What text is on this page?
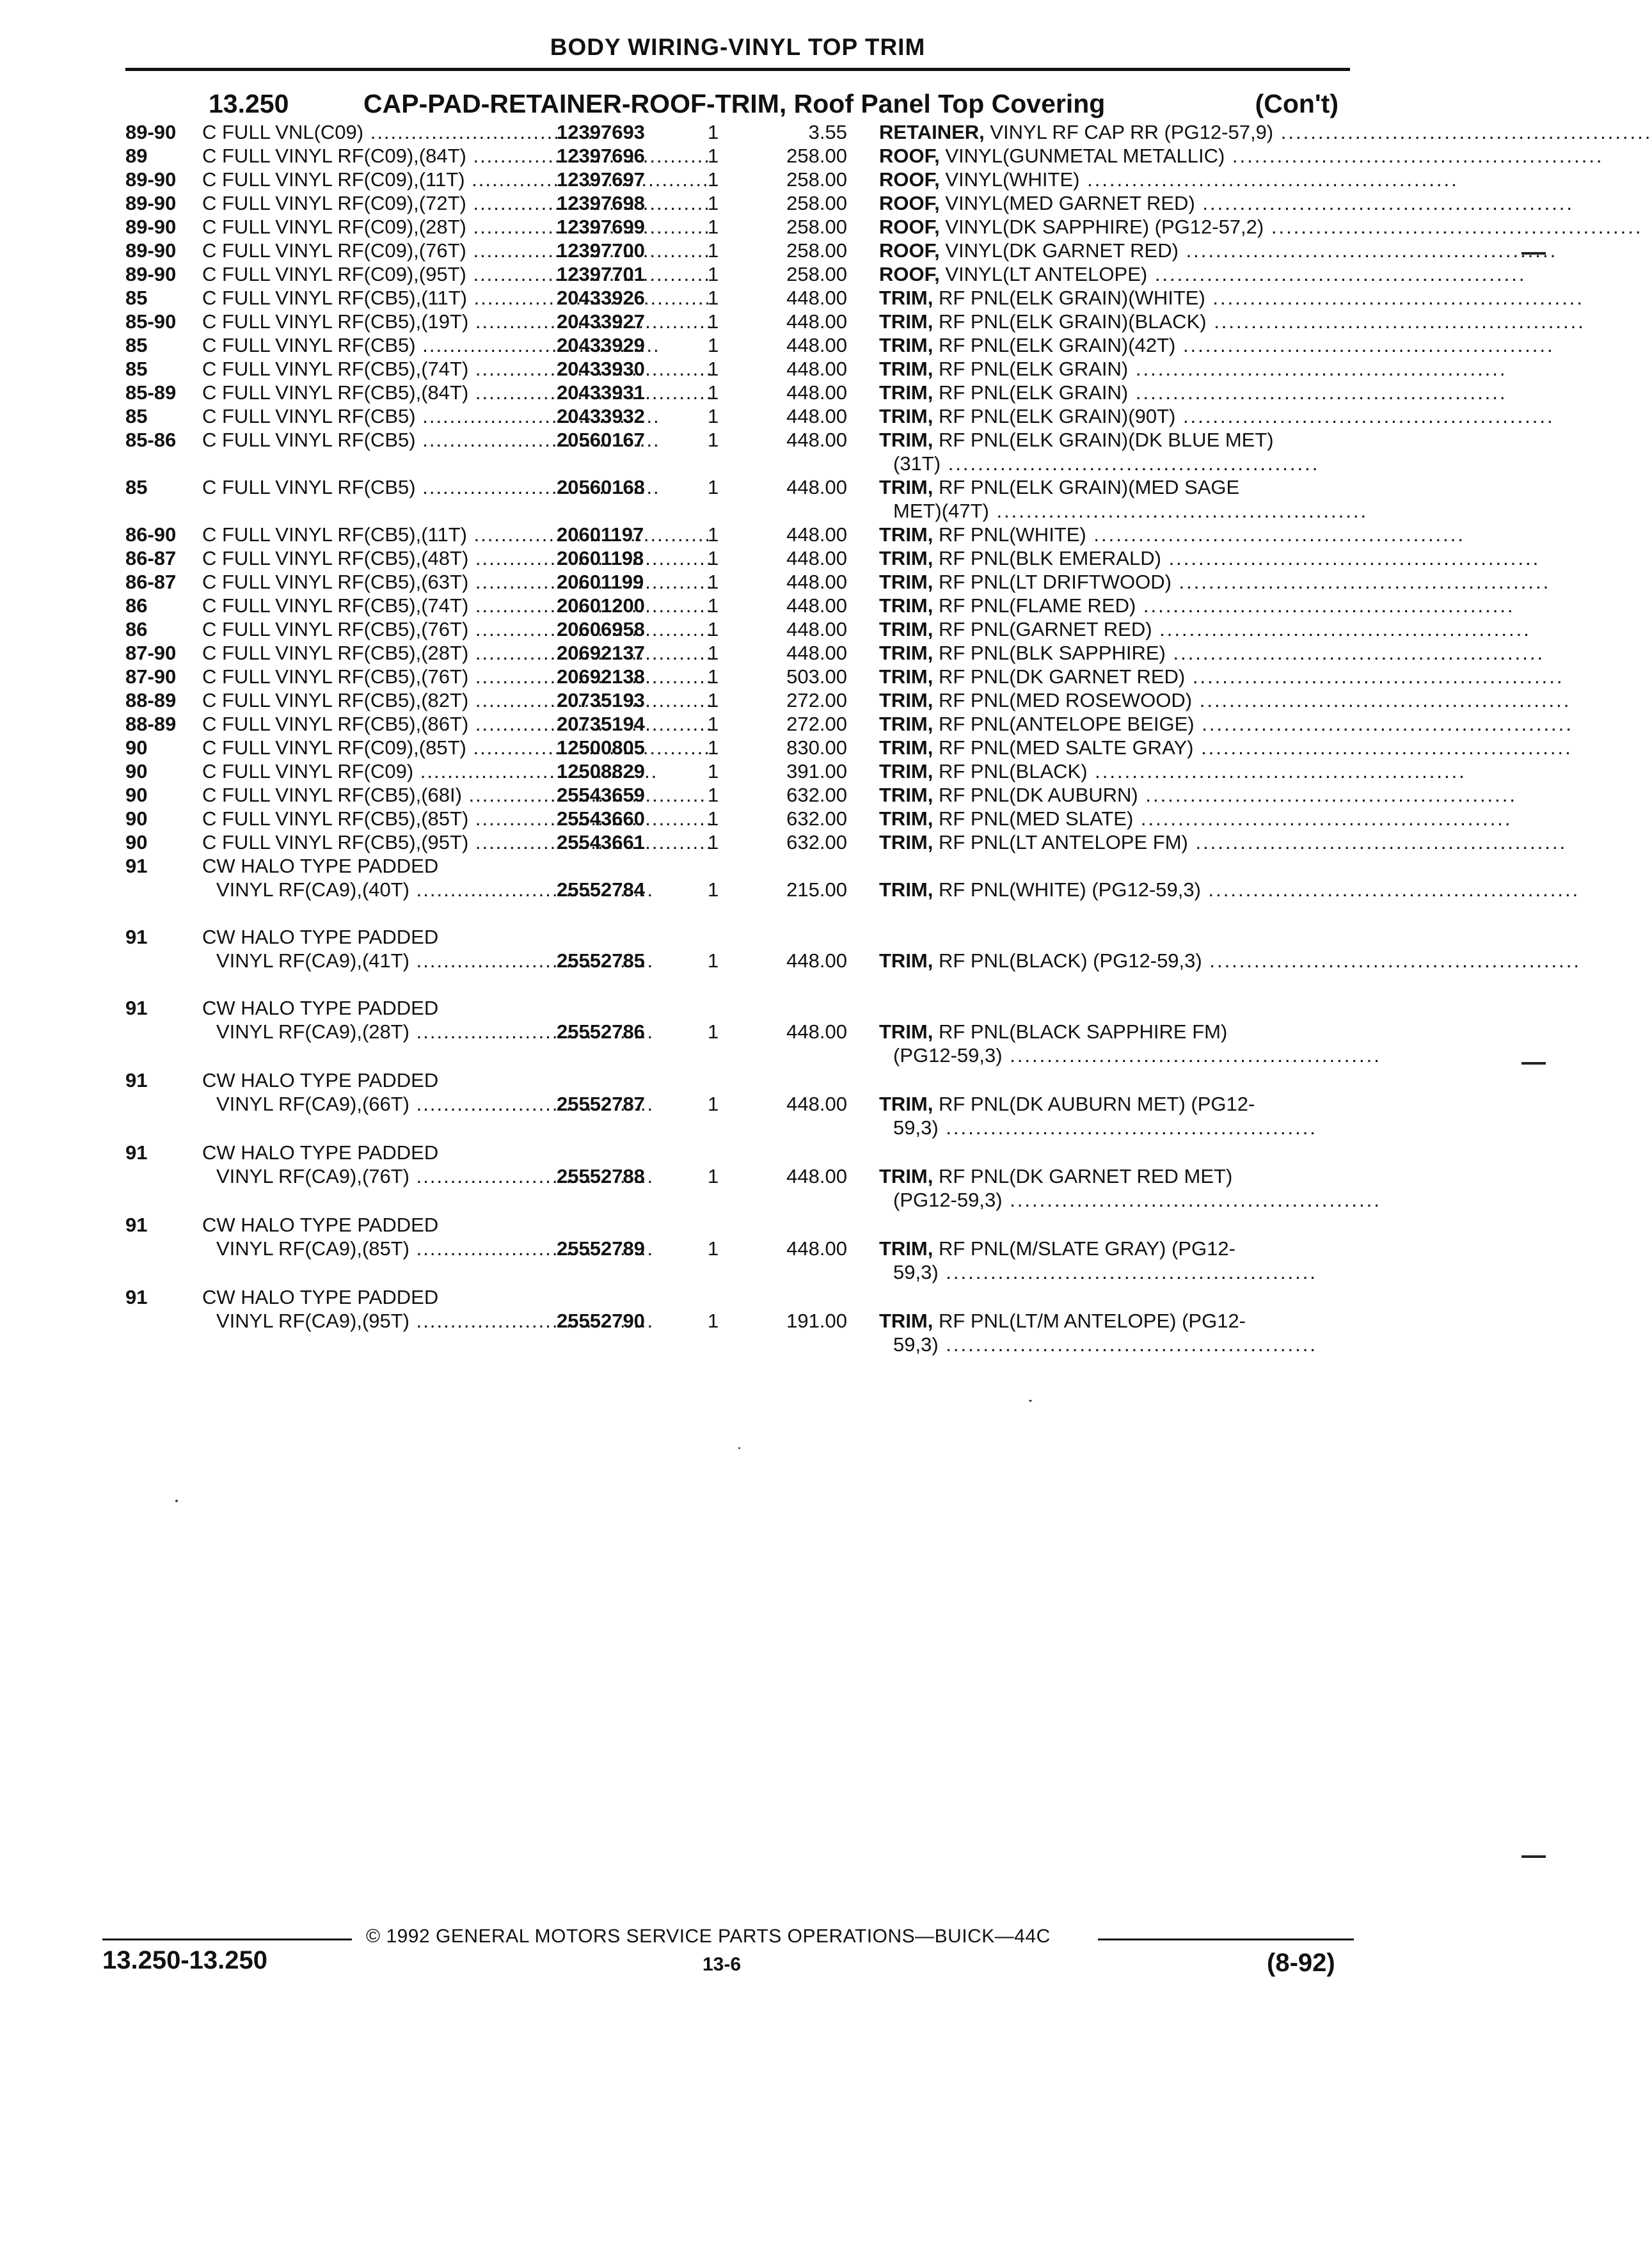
BODY WIRING-VINYL TOP TRIM
13.250	CAP-PAD-RETAINER-ROOF-TRIM, Roof Panel Top Covering	(Con't)
89-90 C FULL VNL(C09) .....	12397693	1	3.55 RETAINER, VINYL RF CAP RR (PG12-57,9) .....
89	C FULL VINYL RF(C09),(84T) .....	12397696	1	258.00 ROOF, VINYL(GUNMETAL METALLIC) .....
89-90 C FULL VINYL RF(C09),(11T) .....	12397697	1	258.00 ROOF, VINYL(WHITE) .....
89-90 C FULL VINYL RF(C09),(72T) .....	12397698	1	258.00 ROOF, VINYL(MED GARNET RED) .....
89-90 C FULL VINYL RF(C09),(28T) .....	12397699	1	258.00 ROOF, VINYL(DK SAPPHIRE) (PG12-57,2) .....
89-90 C FULL VINYL RF(C09),(76T) .....	12397700	1	258.00 ROOF, VINYL(DK GARNET RED) .....
89-90 C FULL VINYL RF(C09),(95T) .....	12397701	1	258.00 ROOF, VINYL(LT ANTELOPE) .....
85	C FULL VINYL RF(CB5),(11T) .....	20433926	1	448.00 TRIM, RF PNL(ELK GRAIN)(WHITE) .....
85-90 C FULL VINYL RF(CB5),(19T) .....	20433927	1	448.00 TRIM, RF PNL(ELK GRAIN)(BLACK) .....
85	C FULL VINYL RF(CB5) .....	20433929	1	448.00 TRIM, RF PNL(ELK GRAIN)(42T) .....
85	C FULL VINYL RF(CB5),(74T) .....	20433930	1	448.00 TRIM, RF PNL(ELK GRAIN) .....
85-89 C FULL VINYL RF(CB5),(84T) .....	20433931	1	448.00 TRIM, RF PNL(ELK GRAIN) .....
85	C FULL VINYL RF(CB5) .....	20433932	1	448.00 TRIM, RF PNL(ELK GRAIN)(90T) .....
85-86 C FULL VINYL RF(CB5) .....	20560167	1	448.00 TRIM, RF PNL(ELK GRAIN)(DK BLUE MET)
(31T) .....
85	C FULL VINYL RF(CB5) .....	20560168	1	448.00 TRIM, RF PNL(ELK GRAIN)(MED SAGE
MET)(47T) .....
86-90 C FULL VINYL RF(CB5),(11T) .....	20601197	1	448.00 TRIM, RF PNL(WHITE) .....
86-87 C FULL VINYL RF(CB5),(48T) .....	20601198	1	448.00 TRIM, RF PNL(BLK EMERALD) .....
86-87 C FULL VINYL RF(CB5),(63T) .....	20601199	1	448.00 TRIM, RF PNL(LT DRIFTWOOD) .....
86	C FULL VINYL RF(CB5),(74T) .....	20601200	1	448.00 TRIM, RF PNL(FLAME RED) .....
86	C FULL VINYL RF(CB5),(76T) .....	20606958	1	448.00 TRIM, RF PNL(GARNET RED) .....
87-90 C FULL VINYL RF(CB5),(28T) .....	20692137	1	448.00 TRIM, RF PNL(BLK SAPPHIRE) .....
87-90 C FULL VINYL RF(CB5),(76T) .....	20692138	1	503.00 TRIM, RF PNL(DK GARNET RED) .....
88-89 C FULL VINYL RF(CB5),(82T) .....	20735193	1	272.00 TRIM, RF PNL(MED ROSEWOOD) .....
88-89 C FULL VINYL RF(CB5),(86T) .....	20735194	1	272.00 TRIM, RF PNL(ANTELOPE BEIGE) .....
90	C FULL VINYL RF(C09),(85T) .....	12500805	1	830.00 TRIM, RF PNL(MED SALTE GRAY) .....
90	C FULL VINYL RF(C09) .....	12508829	1	391.00 TRIM, RF PNL(BLACK) .....
90	C FULL VINYL RF(CB5),(68I) .....	25543659	1	632.00 TRIM, RF PNL(DK AUBURN) .....
90	C FULL VINYL RF(CB5),(85T) .....	25543660	1	632.00 TRIM, RF PNL(MED SLATE) .....
90	C FULL VINYL RF(CB5),(95T) .....	25543661	1	632.00 TRIM, RF PNL(LT ANTELOPE FM) .....
91	CW HALO TYPE PADDED
VINYL RF(CA9),(40T) .....	25552784	1	215.00 TRIM, RF PNL(WHITE) (PG12-59,3) .....
91	CW HALO TYPE PADDED
VINYL RF(CA9),(41T) .....	25552785	1	448.00 TRIM, RF PNL(BLACK) (PG12-59,3) .....
91	CW HALO TYPE PADDED
VINYL RF(CA9),(28T) .....	25552786	1	448.00 TRIM, RF PNL(BLACK SAPPHIRE FM)
(PG12-59,3) .....
91	CW HALO TYPE PADDED
VINYL RF(CA9),(66T) .....	25552787	1	448.00 TRIM, RF PNL(DK AUBURN MET) (PG12-
59,3) .....
91	CW HALO TYPE PADDED
VINYL RF(CA9),(76T) .....	25552788	1	448.00 TRIM, RF PNL(DK GARNET RED MET)
(PG12-59,3) .....
91	CW HALO TYPE PADDED
VINYL RF(CA9),(85T) .....	25552789	1	448.00 TRIM, RF PNL(M/SLATE GRAY) (PG12-
59,3) .....
91	CW HALO TYPE PADDED
VINYL RF(CA9),(95T) .....	25552790	1	191.00 TRIM, RF PNL(LT/M ANTELOPE) (PG12-
59,3) .....
© 1992 GENERAL MOTORS SERVICE PARTS OPERATIONS—BUICK—44C
13.250-13.250	13-6	(8-92)
